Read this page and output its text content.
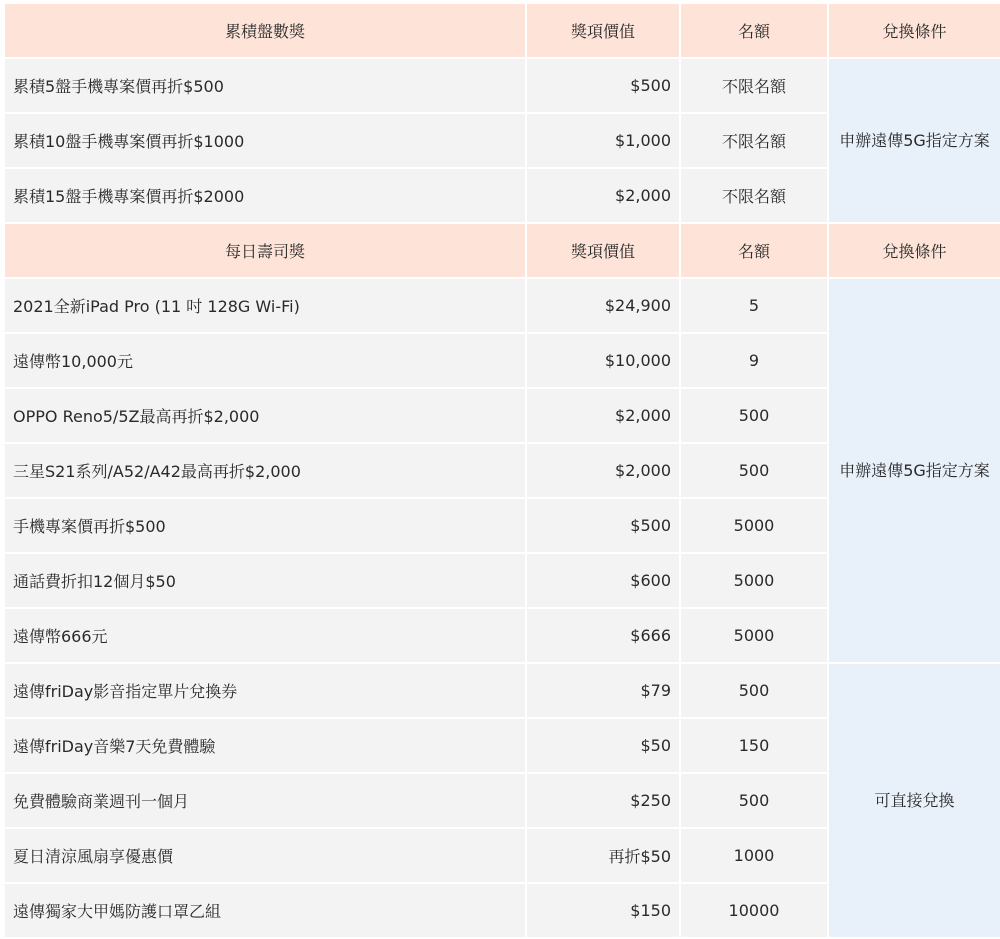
累積盤數獎	獎項價值	名額	兌換條件
累積5盤手機專案價再折$500	$500	不限名額	申辦遠傳5G指定方案
累積10盤手機專案價再折$1000	$1,000	不限名額	
累積15盤手機專案價再折$2000	$2,000	不限名額	
每日壽司獎	獎項價值	名額	兌換條件
2021全新iPad Pro (11 吋 128G Wi-Fi)	$24,900	5	申辦遠傳5G指定方案
遠傳幣10,000元	$10,000	9	
OPPO Reno5/5Z最高再折$2,000	$2,000	500	
三星S21系列/A52/A42最高再折$2,000	$2,000	500	
手機專案價再折$500	$500	5000	
通話費折扣12個月$50	$600	5000	
遠傳幣666元	$666	5000	
遠傳friDay影音指定單片兌換券	$79	500	可直接兌換
遠傳friDay音樂7天免費體驗	$50	150	
免費體驗商業週刊一個月	$250	500	
夏日清涼風扇享優惠價	再折$50	1000	
遠傳獨家大甲媽防護口罩乙組	$150	10000	
